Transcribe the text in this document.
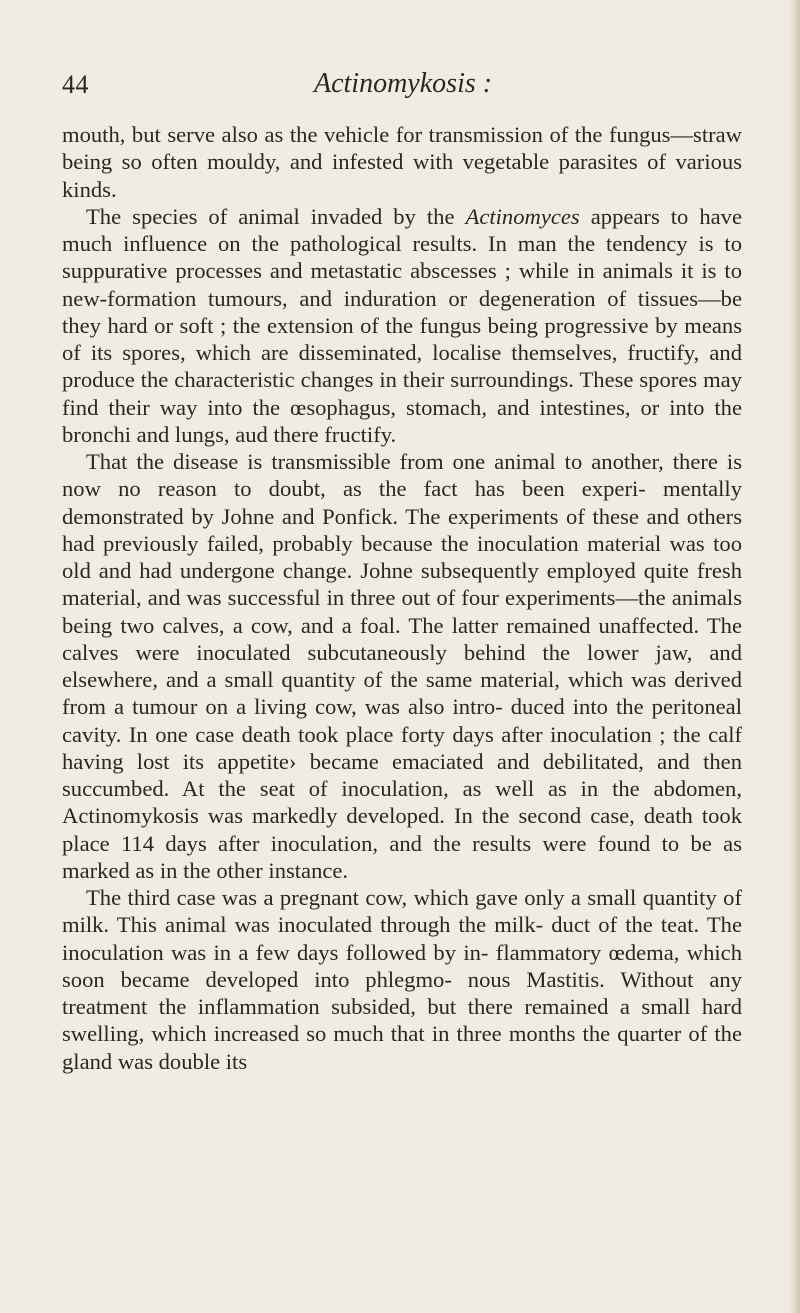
44	Actinomykosis :

mouth, but serve also as the vehicle for transmission of the fungus—straw being so often mouldy, and infested with vegetable parasites of various kinds.

The species of animal invaded by the Actinomyces appears to have much influence on the pathological results. In man the tendency is to suppurative processes and metastatic abscesses ; while in animals it is to new-formation tumours, and induration or degeneration of tissues—be they hard or soft ; the extension of the fungus being progressive by means of its spores, which are disseminated, localise themselves, fructify, and produce the characteristic changes in their surroundings. These spores may find their way into the œsophagus, stomach, and intestines, or into the bronchi and lungs, aud there fructify.

That the disease is transmissible from one animal to another, there is now no reason to doubt, as the fact has been experi- mentally demonstrated by Johne and Ponfick. The experiments of these and others had previously failed, probably because the inoculation material was too old and had undergone change. Johne subsequently employed quite fresh material, and was successful in three out of four experiments—the animals being two calves, a cow, and a foal. The latter remained unaffected. The calves were inoculated subcutaneously behind the lower jaw, and elsewhere, and a small quantity of the same material, which was derived from a tumour on a living cow, was also intro- duced into the peritoneal cavity. In one case death took place forty days after inoculation ; the calf having lost its appetite› became emaciated and debilitated, and then succumbed. At the seat of inoculation, as well as in the abdomen, Actinomykosis was markedly developed. In the second case, death took place 114 days after inoculation, and the results were found to be as marked as in the other instance.

The third case was a pregnant cow, which gave only a small quantity of milk. This animal was inoculated through the milk- duct of the teat. The inoculation was in a few days followed by in- flammatory œdema, which soon became developed into phlegmo- nous Mastitis. Without any treatment the inflammation subsided, but there remained a small hard swelling, which increased so much that in three months the quarter of the gland was double its
